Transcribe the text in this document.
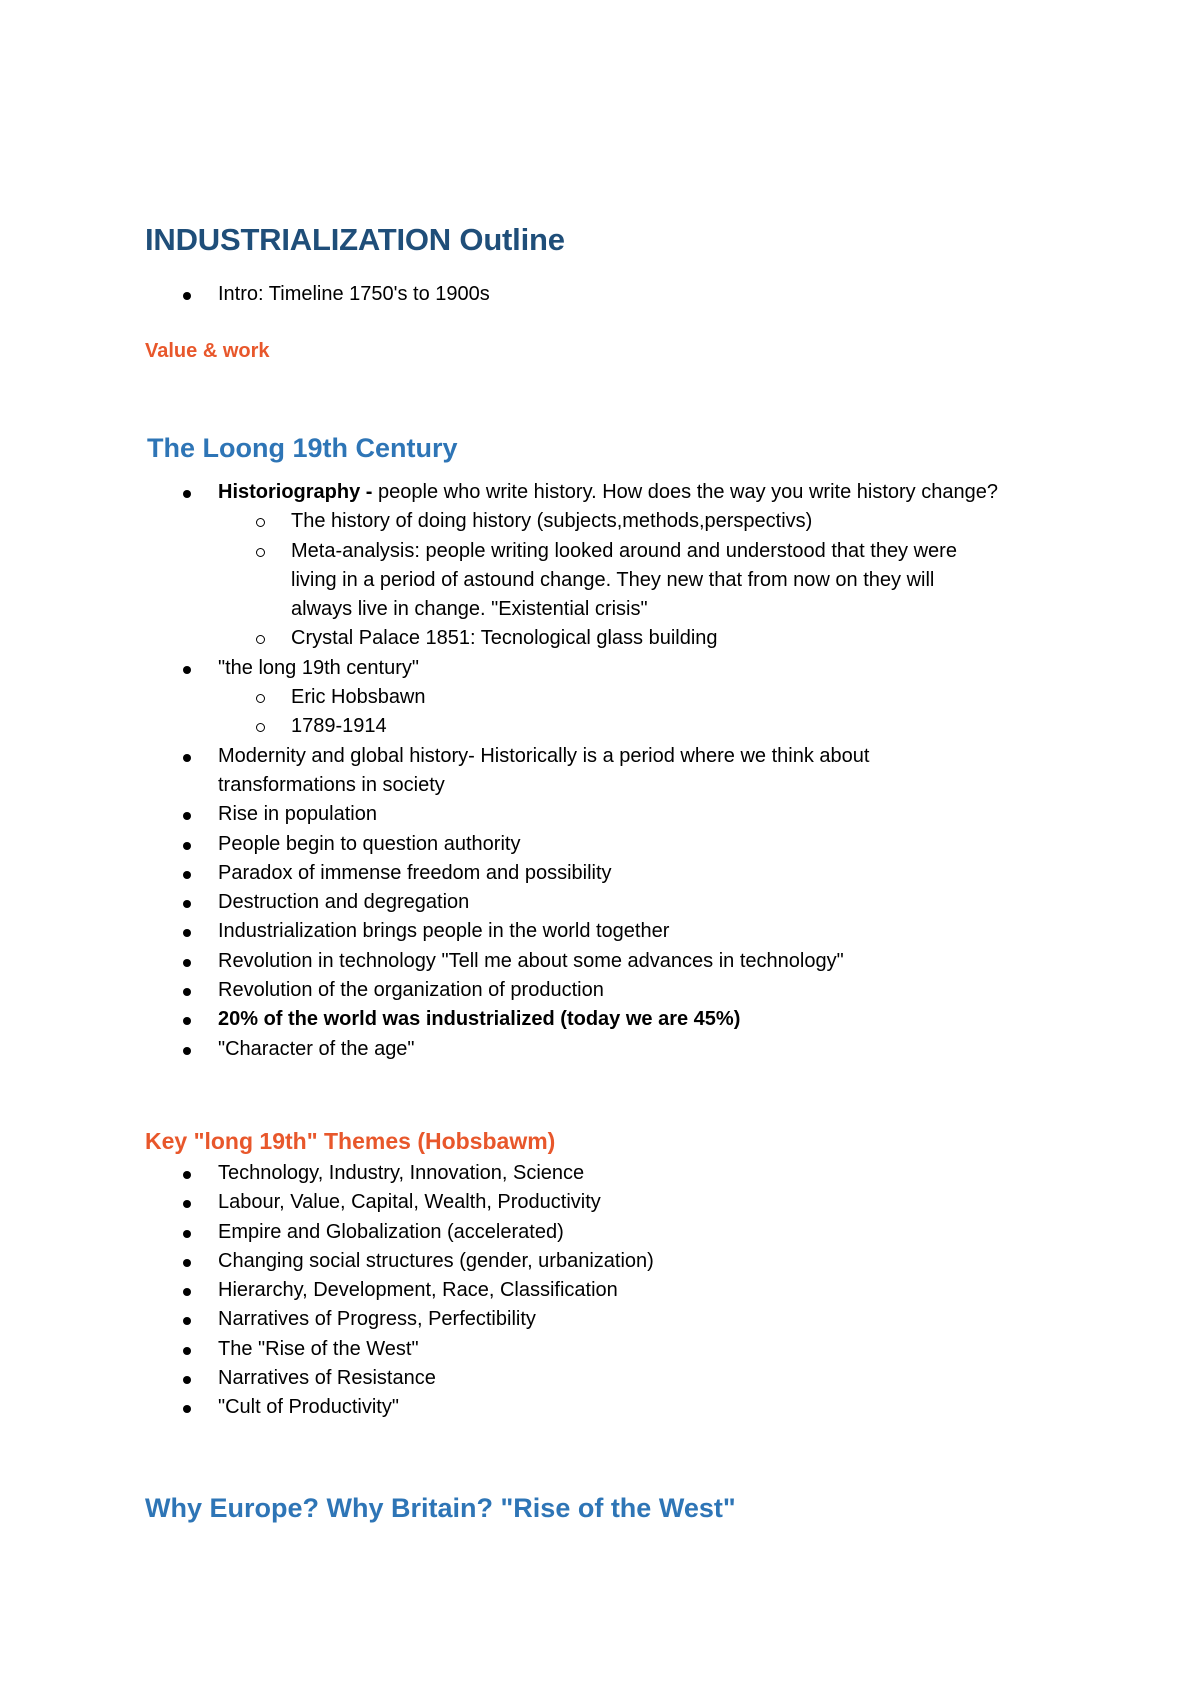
INDUSTRIALIZATION Outline
Intro: Timeline 1750's to 1900s
Value & work
The Loong 19th Century
Historiography - people who write history. How does the way you write history change?
The history of doing history (subjects,methods,perspectivs)
Meta-analysis: people writing looked around and understood that they were living in a period of astound change. They new that from now on they will always live in change. "Existential crisis"
Crystal Palace 1851: Tecnological glass building
"the long 19th century"
Eric Hobsbawn
1789-1914
Modernity and global history- Historically is a period where we think about transformations in society
Rise in population
People begin to question authority
Paradox of immense freedom and possibility
Destruction and degregation
Industrialization brings people in the world together
Revolution in technology "Tell me about some advances in technology"
Revolution of the organization of production
20% of the world was industrialized (today we are 45%)
"Character of the age"
Key "long 19th" Themes (Hobsbawm)
Technology, Industry, Innovation, Science
Labour, Value, Capital, Wealth, Productivity
Empire and Globalization (accelerated)
Changing social structures (gender, urbanization)
Hierarchy, Development, Race, Classification
Narratives of Progress, Perfectibility
The "Rise of the West"
Narratives of Resistance
"Cult of Productivity"
Why Europe? Why Britain? "Rise of the West"
